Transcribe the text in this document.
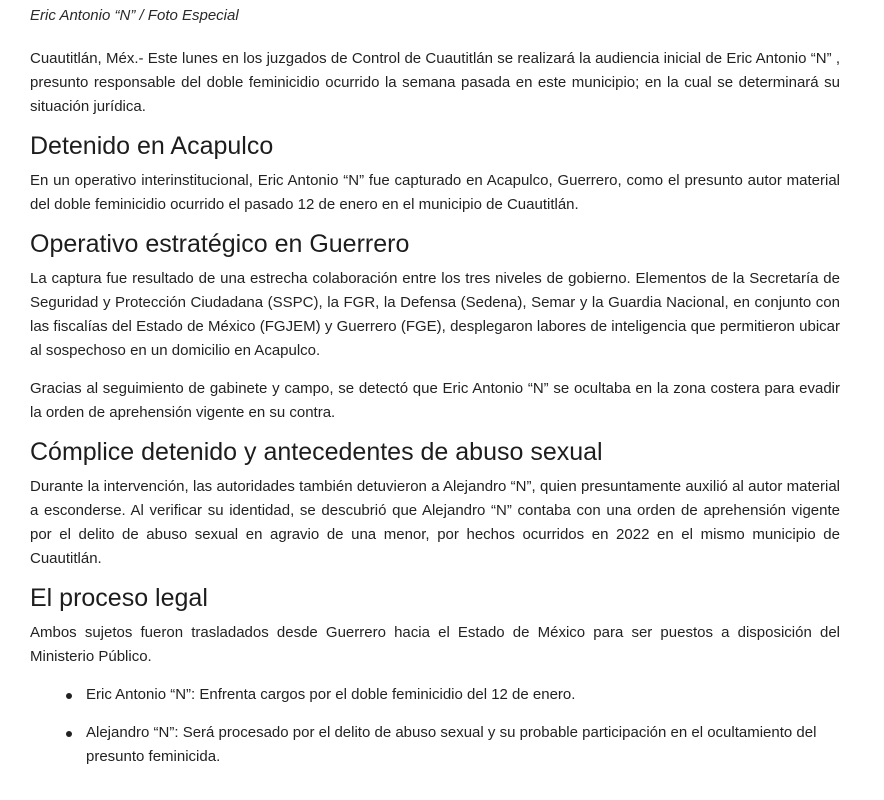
Eric Antonio “N” / Foto Especial

Cuautitlán, Méx.- Este lunes en los juzgados de Control de Cuautitlán se realizará la audiencia inicial de Eric Antonio “N” , presunto responsable del doble feminicidio ocurrido la semana pasada en este municipio; en la cual se determinará su situación jurídica.

Detenido en Acapulco

En un operativo interinstitucional, Eric Antonio “N” fue capturado en Acapulco, Guerrero, como el presunto autor material del doble feminicidio ocurrido el pasado 12 de enero en el municipio de Cuautitlán.

Operativo estratégico en Guerrero

La captura fue resultado de una estrecha colaboración entre los tres niveles de gobierno. Elementos de la Secretaría de Seguridad y Protección Ciudadana (SSPC), la FGR, la Defensa (Sedena), Semar y la Guardia Nacional, en conjunto con las fiscalías del Estado de México (FGJEM) y Guerrero (FGE), desplegaron labores de inteligencia que permitieron ubicar al sospechoso en un domicilio en Acapulco.

Gracias al seguimiento de gabinete y campo, se detectó que Eric Antonio “N” se ocultaba en la zona costera para evadir la orden de aprehensión vigente en su contra.

Cómplice detenido y antecedentes de abuso sexual

Durante la intervención, las autoridades también detuvieron a Alejandro “N”, quien presuntamente auxilió al autor material a esconderse. Al verificar su identidad, se descubrió que Alejandro “N” contaba con una orden de aprehensión vigente por el delito de abuso sexual en agravio de una menor, por hechos ocurridos en 2022 en el mismo municipio de Cuautitlán.

El proceso legal

Ambos sujetos fueron trasladados desde Guerrero hacia el Estado de México para ser puestos a disposición del Ministerio Público.

Eric Antonio “N”: Enfrenta cargos por el doble feminicidio del 12 de enero.
Alejandro “N”: Será procesado por el delito de abuso sexual y su probable participación en el ocultamiento del presunto feminicida.
